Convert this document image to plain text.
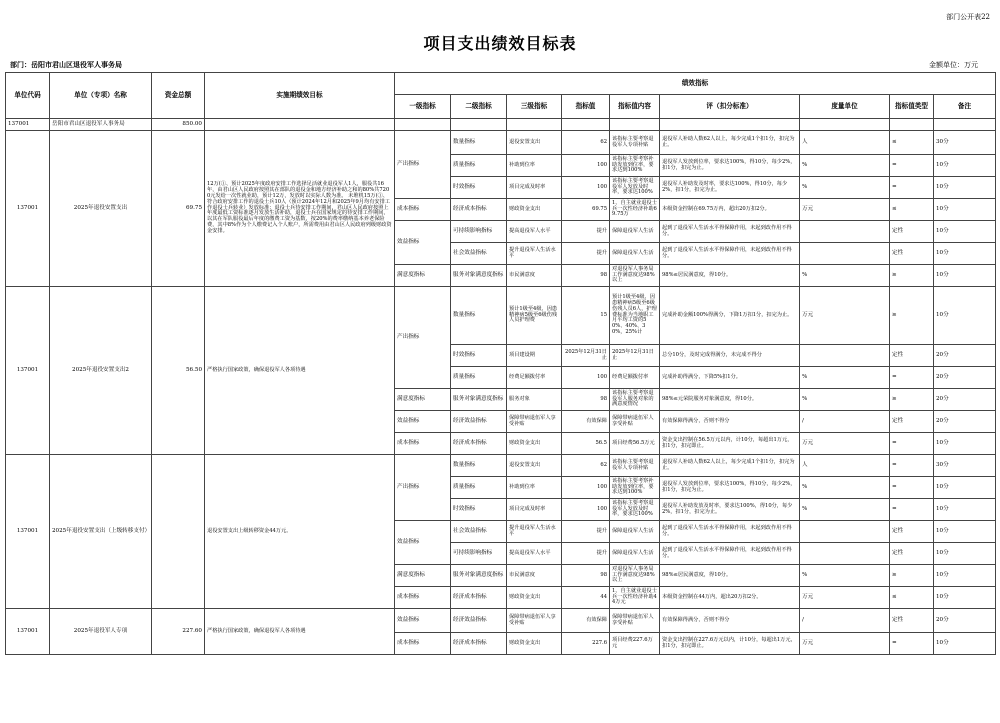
部门公开表22
项目支出绩效目标表
部门：岳阳市君山区退役军人事务局	金额单位：万元
单位代码	单位（专项）名称	资金总额	实施期绩效目标	绩效指标								
				一级指标	二级指标	三级指标	指标值	指标值内容	评（扣分标准）	度量单位	指标值类型	备注
137001	岳阳市君山区退役军人事务局	850.00										
137001	2025年退役安置支出	69.75	12万(①、预计2025年度政府安排工作选择足活就业退役军人1人，服役共16年，由君山区人民政府按照其在部队的退役金和地方经济补助之和的80%共7200元发给一次性就业助，预计12万，发放时以实际人数为准。 未堆机15万(①、符合政府安排工作的退役士兵10人（预计2024年12月和2025年9月均有安排工作退役士兵转业）发放标准：退役士兵待安排工作期间，君山区人民政府按照上年度最低工资标准逐月发放生活补助，退役士兵在国家规定的待安排工作期间，以其在军队服役最后年度的缴费工资为基数，按20%的费率缴纳基本养老保险费，其中8%作为个人缴费记入个人账户，所需费用由君山区人民政府列级财政资金安排。	产出指标	数量指标	退役安置支出	62	该指标主要考察退役军人专项补贴	退役军人补助人数62人以上，每少完成1个扣1分，扣完为止。	人	≤	30分
					质量指标	补助到位率	100	该指标主要考察补助发放到位率，要求达到100%	退役军人发放到位率，要求达100%，得10分，每少2%，扣1分，扣完为止。	%	=	10分
					时效指标	项目完成及时率	100	该指标主要考察退役军人发放及时率，要求达100%	退役军人补助发及时率，要求达100%，得10分，每少2%，扣1分，扣完为止。	%	=	10分
				成本指标	经济成本指标	财政资金支出	69.75	1、自主就业退役士兵一次性经济补助69.75万	本级资金控制在69.75万内，超出20万扣2分。	万元	≤	10分
				效益指标	可持续影响指标	提高退役军人水平	提升	保障退役军人生活	起到了退役军人生活水平得保障作用，未起到改作用不得分。		定性	10分
					社会效益指标	提升退役军人生活水平	提升	保障退役军人生活	起到了退役军人生活水平得保障作用，未起到改作用不得分。		定性	10分
				满意度指标	服务对象满意度指标	市民满意度	98	对退役军人事务局工作满意度达98%以上	98%≤居民满意度，得10分。	%	≥	10分
137001	2025年退役安置支出2	56.50	严格执行国家政策，确保退役军人各项待遇	产出指标	数量指标	预计1级至4级、因患精神病5级至6级伤残人员护理费	15	预计1级至4级、因患精神病5级至6级伤残人员6人，护理费标准为当地职工月平均工资的50%、40%、30%，25%计	完成补助金额100%得满分，下降1万扣1分，扣完为止。	万元	≥	10分
					时效指标	项目建设期	2025年12月31日止	2025年12月31日止	总分10分，及时完成得满分，未完成不得分		定性	20分
					质量指标	经费足额拨付率	100	经费足额拨付率	完成补助得满分，下降5%扣1分。	%	=	20分
				满意度指标	服务对象满意度指标	服务对象	98	该指标主要考察退役军人服务对象的满意度情况	98%≤元荣院服务对象满意度，得10分。	%	≥	20分
				效益指标	经济效益指标	保障带病退伍军人享受补贴	有效保障	保障带病退伍军人享受补贴	有效保障得满分，否则不得分	/	定性	20分
				成本指标	经济成本指标	财政资金支出	56.5	项目经费56.5万元	资金支出控制在56.5万元以内，计10分，每超出1万元，扣1分，扣完即止。	万元	=	10分
137001	2025年退役安置支出（上级转移支付）		退役安置支出上级转移资金44万元。	产出指标	数量指标	退役安置支出	62	该指标主要考察退役军人专项补贴	退役军人补助人数62人以上，每少完成1个扣1分，扣完为止。	人	=	30分
					质量指标	补助到位率	100	该指标主要考察补助发放到位率，要求达到100%	退役军人发放到位率，要求达100%，得10分，每少2%，扣1分，扣完为止。	%	=	10分
					时效指标	项目完成及时率	100	该指标主要考察退役军人发放及时率，要求达100%	退役军人补助发放及时率，要求达100%，得10分，每少2%，扣1分，扣完为止。	%	=	10分
				效益指标	社会效益指标	提升退役军人生活水平	提升	保障退役军人生活	起到了退役军人生活水平得保障作用，未起到改作用不得分。		定性	10分
					可持续影响指标	提高退役军人水平	提升	保障退役军人生活	起到了退役军人生活水平得保障作用，未起到改作用不得分。		定性	10分
				满意度指标	服务对象满意度指标	市民满意度	98	对退役军人事务局工作满意度达98%以上	98%≤居民满意度，得10分。	%	≥	10分
				成本指标	经济成本指标	财政资金支出	44	1、自主就业退役士兵一次性经济补助44万元	本级资金控制在44万内，超出20万扣2分。	万元	≤	10分
137001	2025年退役军人专项	227.60	严格执行国家政策，确保退役军人各项待遇	效益指标	经济效益指标	保障带病退伍军人享受补贴	有效保障	保障带病退伍军人享受补贴	有效保障得满分，否则不得分	/	定性	20分
				成本指标	经济成本指标	财政资金支出	227.6	项目经费227.6万元	资金支出控制在227.6万元以内，计10分，每超出1万元，扣1分，扣完即止。	万元	=	10分
